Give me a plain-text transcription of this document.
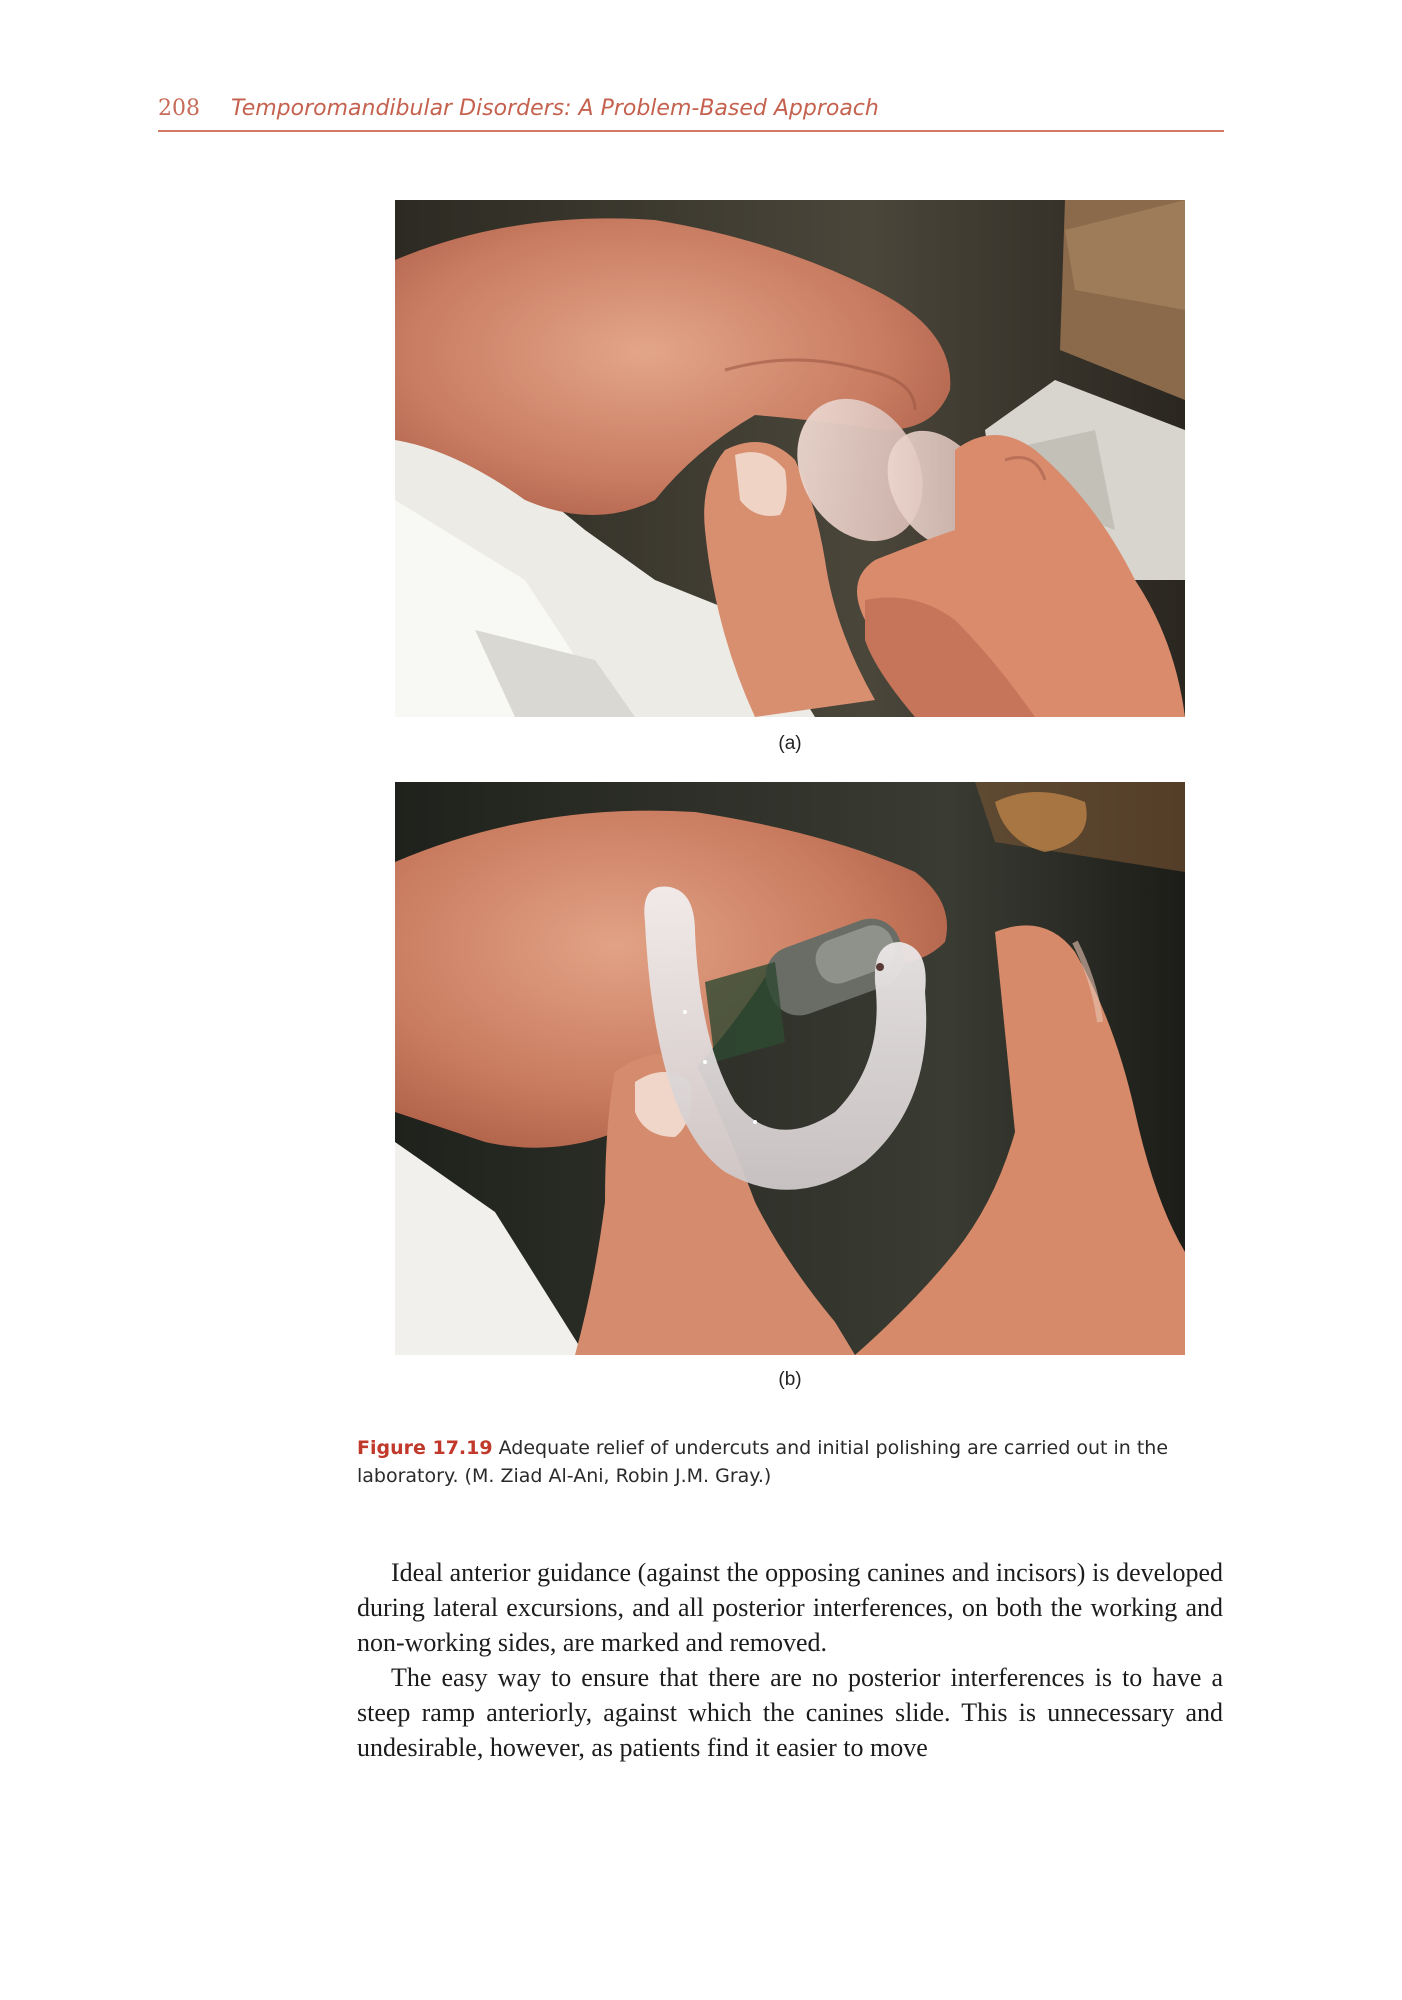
208 Temporomandibular Disorders: A Problem-Based Approach
(a)
(b)
Figure 17.19 Adequate relief of undercuts and initial polishing are carried out in the laboratory. (M. Ziad Al-Ani, Robin J.M. Gray.)

Ideal anterior guidance (against the opposing canines and incisors) is developed during lateral excursions, and all posterior interferences, on both the working and non-working sides, are marked and removed.

The easy way to ensure that there are no posterior interferences is to have a steep ramp anteriorly, against which the canines slide. This is unnecessary and undesirable, however, as patients find it easier to move
